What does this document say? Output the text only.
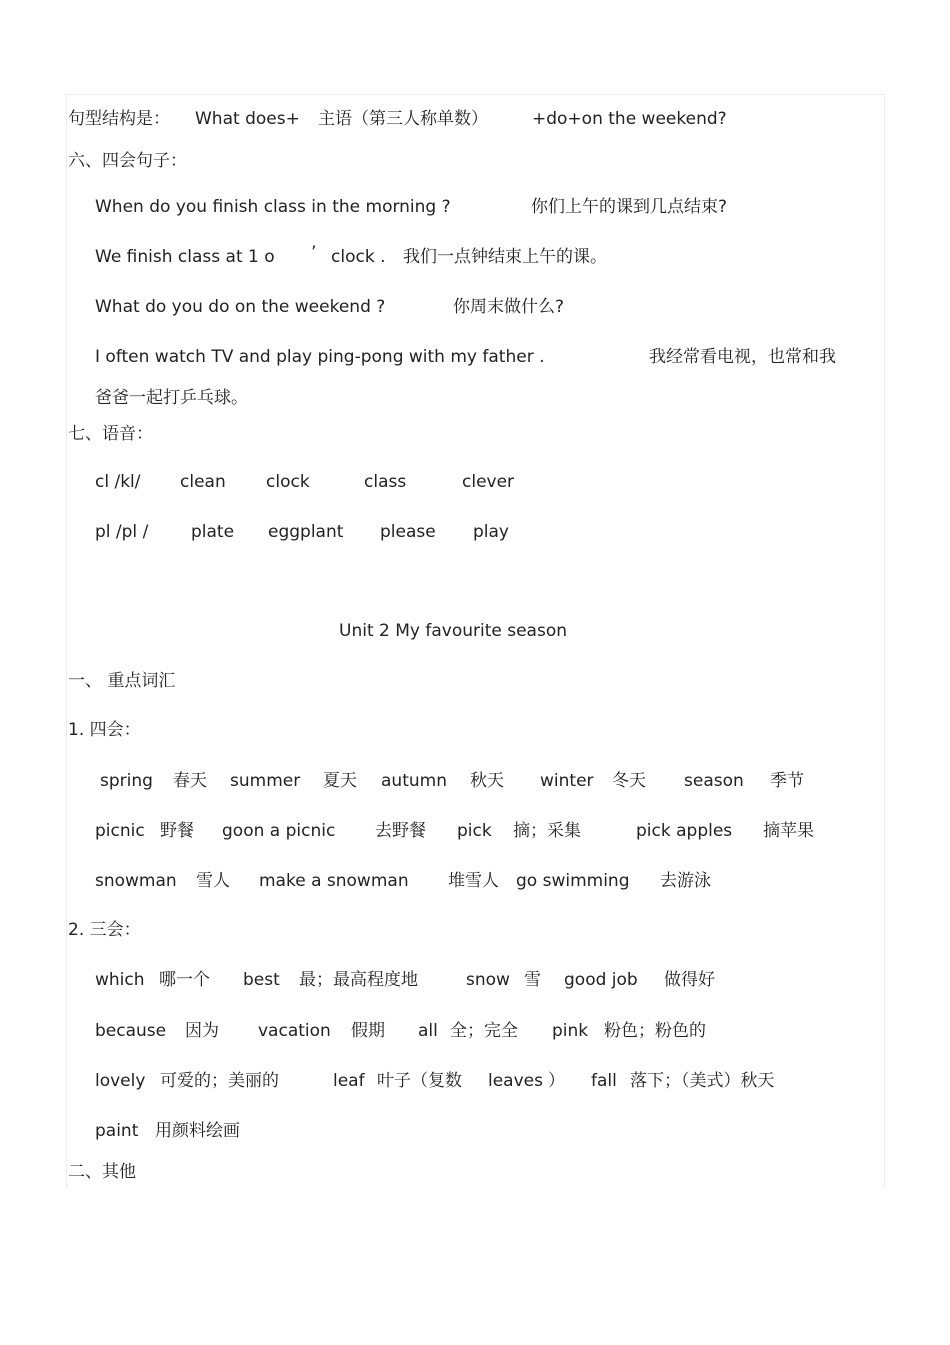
句型结构是： What does+ 主语（第三人称单数）	+do+on the weekend?
六、四会句子：
When do you finish class in the morning ?	你们上午的课到几点结束?
We finish class at 1 o ’ clock . 我们一点钟结束上午的课。
What do you do on the weekend ?	你周末做什么?
I often watch TV and play ping-pong with my father .	我经常看电视，也常和我
爸爸一起打乒乓球。
七、语音：
cl /kl/ clean clock	class	clever
pl /pl /	plate eggplant please play
Unit 2 My favourite season
一、 重点词汇
1. 四会：
spring 春天 summer 夏天 autumn 秋天 winter 冬天 season 季节
picnic 野餐 goon a picnic 去野餐 pick 摘；采集	pick apples 摘苹果
snowman 雪人 make a snowman 堆雪人 go swimming 去游泳
2. 三会：
which 哪一个 best 最；最高程度地	snow 雪 good job 做得好
because 因为 vacation 假期 all 全；完全 pink 粉色；粉色的
lovely 可爱的；美丽的	leaf 叶子（复数 leaves ） fall 落下；（美式）秋天
paint 用颜料绘画
二、其他
